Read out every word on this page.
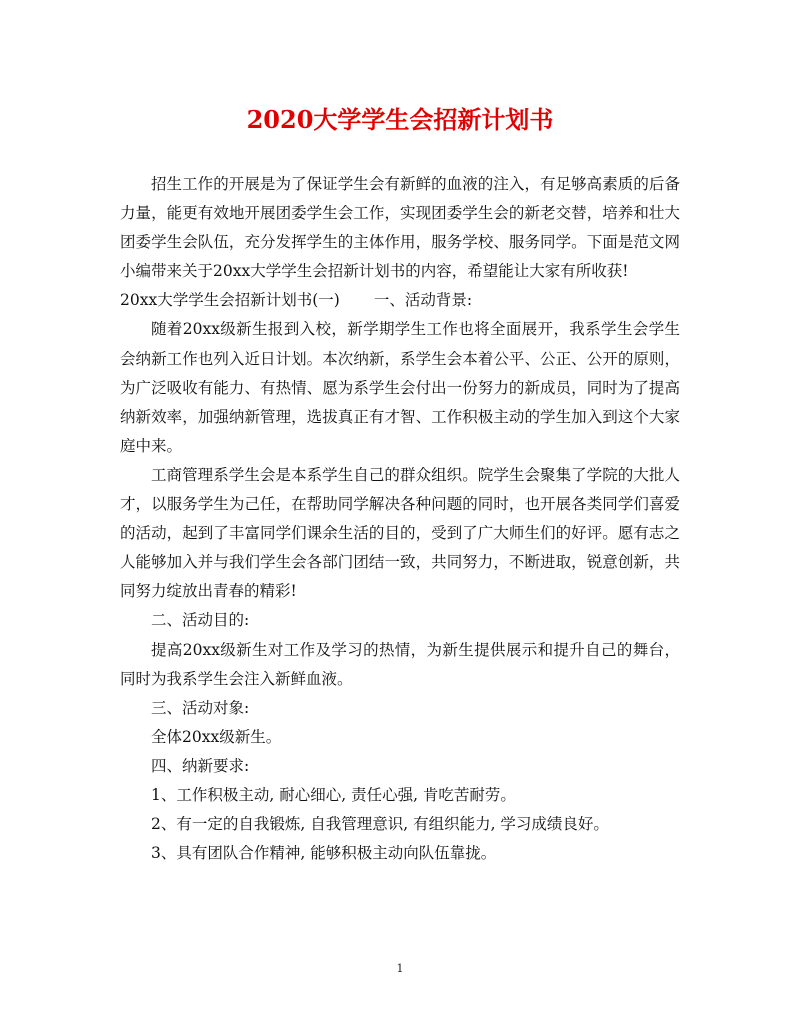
2020大学学生会招新计划书

招生工作的开展是为了保证学生会有新鲜的血液的注入，有足够高素质的后备力量，能更有效地开展团委学生会工作，实现团委学生会的新老交替，培养和壮大团委学生会队伍，充分发挥学生的主体作用，服务学校、服务同学。下面是范文网小编带来关于20xx大学学生会招新计划书的内容，希望能让大家有所收获!

20xx大学学生会招新计划书(一) 一、活动背景:

随着20xx级新生报到入校，新学期学生工作也将全面展开，我系学生会学生会纳新工作也列入近日计划。本次纳新，系学生会本着公平、公正、公开的原则，为广泛吸收有能力、有热情、愿为系学生会付出一份努力的新成员，同时为了提高纳新效率，加强纳新管理，选拔真正有才智、工作积极主动的学生加入到这个大家庭中来。

工商管理系学生会是本系学生自己的群众组织。院学生会聚集了学院的大批人才，以服务学生为己任，在帮助同学解决各种问题的同时，也开展各类同学们喜爱的活动，起到了丰富同学们课余生活的目的，受到了广大师生们的好评。愿有志之人能够加入并与我们学生会各部门团结一致，共同努力，不断进取，锐意创新，共同努力绽放出青春的精彩!

二、活动目的:

提高20xx级新生对工作及学习的热情，为新生提供展示和提升自己的舞台，同时为我系学生会注入新鲜血液。

三、活动对象:

全体20xx级新生。

四、纳新要求:

1、工作积极主动, 耐心细心, 责任心强, 肯吃苦耐劳。

2、有一定的自我锻炼, 自我管理意识, 有组织能力, 学习成绩良好。

3、具有团队合作精神, 能够积极主动向队伍靠拢。

1
